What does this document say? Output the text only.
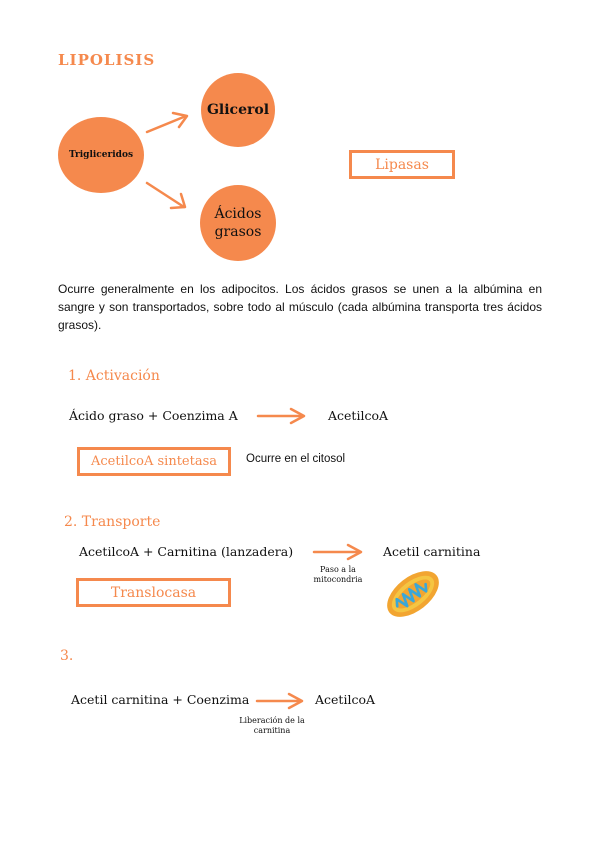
LIPOLISIS
Trigliceridos
Glicerol
Ácidos
grasos
Lipasas
Ocurre generalmente en los adipocitos. Los ácidos grasos se unen a la albúmina en sangre y son transportados, sobre todo al músculo (cada albúmina transporta tres ácidos grasos).
1. Activación
Ácido graso + Coenzima A	AcetilcoA
AcetilcoA sintetasa	Ocurre en el citosol
2. Transporte
AcetilcoA + Carnitina (lanzadera)	Acetil carnitina
Paso a la
mitocondria
Translocasa
3.
Acetil carnitina + Coenzima	AcetilcoA
Liberación de la
carnitina
